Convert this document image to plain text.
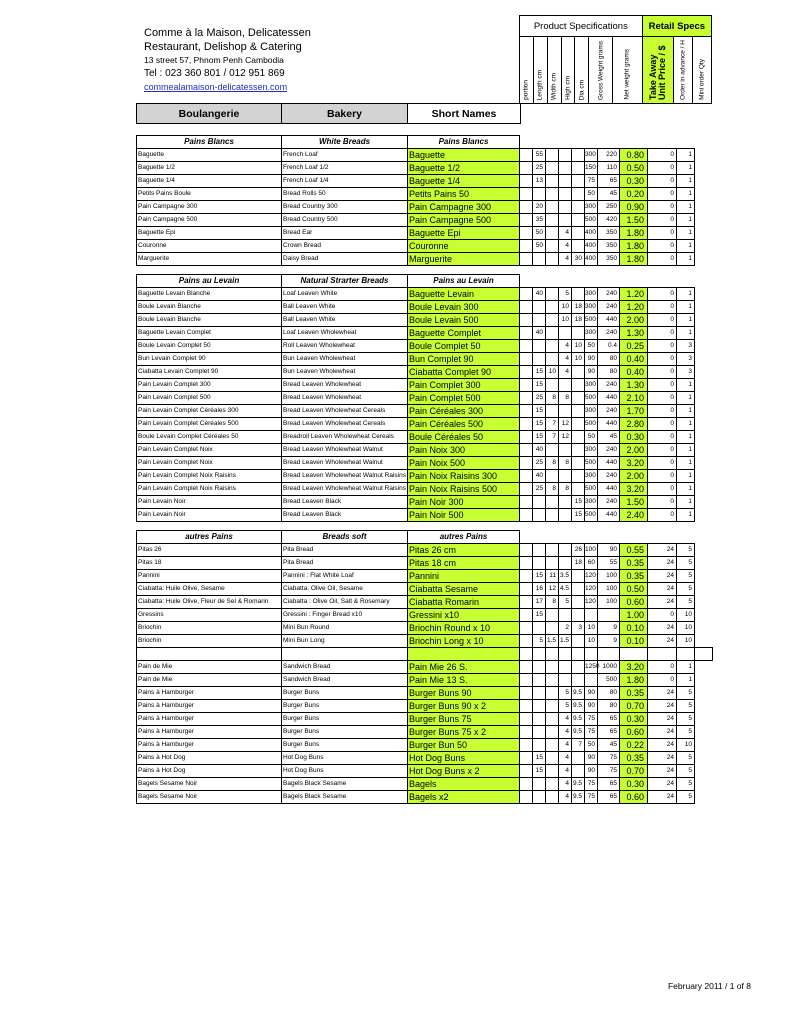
Comme à la Maison, Delicatessen
Restaurant, Delishop & Catering
13 street 57, Phnom Penh Cambodia
Tel : 023 360 801 / 012 951 869
commealamaison-delicatessen.com
Product Specifications							Retail Specs		

portion	Length cm	Width cm	High cm	Dia cm	Gross Weight grams	Net weight grams	Take Away Unit Price / $	Order in advance / H	Mini order Qty
Boulangerie	Bakery	Short Names
Pains Blancs	White Breads	Pains Blancs											
Baguette	French Loaf	Baguette		55				300	220	0.80	0	1	
Baguette 1/2	French Loaf 1/2	Baguette 1/2		25				150	110	0.50	0	1	
Baguette 1/4	French Loaf 1/4	Baguette 1/4		13				75	65	0.30	0	1	
Petits Pains Boule	Bread Rolls 50	Petits Pains 50						50	45	0.20	0	1	
Pain Campagne 300	Bread Country 300	Pain Campagne 300		20				300	250	0.90	0	1	
Pain Campagne 500	Bread Country 500	Pain Campagne 500		35				500	420	1.50	0	1	
Baguette Epi	Bread Ear	Baguette Epi		50		4		400	350	1.80	0	1	
Couronne	Crown Bread	Couronne		50		4		400	350	1.80	0	1	
Marguerite	Daisy Bread	Marguerite				4	30	400	350	1.80	0	1	

Pains au Levain	Natural Strarter Breads	Pains au Levain											
Baguette Levain Blanche	Loaf Leaven White	Baguette Levain		40		5		300	240	1.20	0	1	
Boule Levain Blanche	Ball Leaven White	Boule Levain 300				10	18	300	240	1.20	0	1	
Boule Levain Blanche	Ball Leaven White	Boule Levain 500				10	18	500	440	2.00	0	1	
Baguette Levain Complet	Loaf Leaven Wholewheat	Baguette Complet		40				300	240	1.30	0	1	
Boule Levain Complet 50	Roll Leaven Wholewheat	Boule Complet 50				4	10	50	0.4	0.25	0	3	
Bun Levain Complet 90	Bun Leaven Wholewheat	Bun Complet 90				4	10	90	80	0.40	0	3	
Ciabatta Levain Complet 90	Bun Leaven Wholewheat	Ciabatta Complet 90		15	10	4		90	80	0.40	0	3	
Pain Levain Complet 300	Bread Leaven Wholewheat	Pain Complet 300		15				300	240	1.30	0	1	
Pain Levain Complet 500	Bread Leaven Wholewheat	Pain Complet 500		25	8	8		500	440	2.10	0	1	
Pain Levain Complet Céréales 300	Bread Leaven Wholewheat Cereals	Pain Céréales 300		15				300	240	1.70	0	1	
Pain Levain Complet Céréales 500	Bread Leaven Wholewheat Cereals	Pain Céréales 500		15	7	12		500	440	2.80	0	1	
Boule Levain Complet Céréales 50	Breadroll Leaven Wholewheat Cereals	Boule Céréales 50		15	7	12		50	45	0.30	0	1	
Pain Levain Complet Noix	Bread Leaven Wholewheat Walnut	Pain Noix 300		40				300	240	2.00	0	1	
Pain Levain Complet Noix	Bread Leaven Wholewheat Walnut	Pain Noix 500		25	8	8		500	440	3.20	0	1	
Pain Levain Complet Noix Raisins	Bread Leaven Wholewheat Walnut Raisins	Pain Noix Raisins 300		40				300	240	2.00	0	1	
Pain Levain Complet Noix Raisins	Bread Leaven Wholewheat Walnut Raisins	Pain Noix Raisins 500		25	8	8		500	440	3.20	0	1	
Pain Levain Noir	Bread Leaven Black	Pain Noir 300					15	300	240	1.50	0	1	
Pain Levain Noir	Bread Leaven Black	Pain Noir 500					15	500	440	2.40	0	1	

autres Pains	Breads soft	autres Pains											
Pitas 26	Pita Bread	Pitas 26 cm					26	100	90	0.55	24	5	
Pitas 18	Pita Bread	Pitas 18 cm					18	60	55	0.35	24	5	
Pannini	Pannini : Flat White Loaf	Pannini		15	11	3.5		120	100	0.35	24	5	
Ciabatta: Huile Olive, Sesame	Ciabatta: Olive Oil, Sesame	Ciabatta Sesame		16	12	4.5		120	100	0.50	24	5	
Ciabatta: Huile Olive, Fleur de Sel & Romarin	Ciabatta : Olive Oil, Salt & Rosemary	Ciabatta Romarin		17	8	5		120	100	0.60	24	5	
Gressins	Gressini : Finger Bread x10	Gressini x10		15						1.00	0	10	
Briochin	Mini Bun Round	Briochin Round x 10				2	3	10	9	0.10	24	10	
Briochin	Mini Bun Long	Briochin Long x 10		5	1.5	1.5		10	9	0.10	24	10	

Pain de Mie	Sandwich Bread	Pain Mie 26 S.						1250	1000	3.20	0	1	
Pain de Mie	Sandwich Bread	Pain Mie 13 S.							500	1.80	0	1	
Pains à Hamburger	Burger Buns	Burger Buns 90				5	9.5	90	80	0.35	24	5	
Pains à Hamburger	Burger Buns	Burger Buns 90 x 2				5	9.5	90	80	0.70	24	5	
Pains à Hamburger	Burger Buns	Burger Buns 75				4	9.5	75	65	0.30	24	5	
Pains à Hamburger	Burger Buns	Burger Buns 75 x 2				4	9.5	75	65	0.60	24	5	
Pains à Hamburger	Burger Buns	Burger Bun 50				4	7	50	45	0.22	24	10	
Pains à Hot Dog	Hot Dog Buns	Hot Dog Buns		15		4		90	75	0.35	24	5	
Pains à Hot Dog	Hot Dog Buns	Hot Dog Buns x 2		15		4		90	75	0.70	24	5	
Bagels Sesame Noir	Bagels Black Sesame	Bagels				4	9.5	75	65	0.30	24	5	
Bagels Sesame Noir	Bagels Black Sesame	Bagels x2				4	9.5	75	65	0.60	24	5	
February 2011 / 1 of 8
